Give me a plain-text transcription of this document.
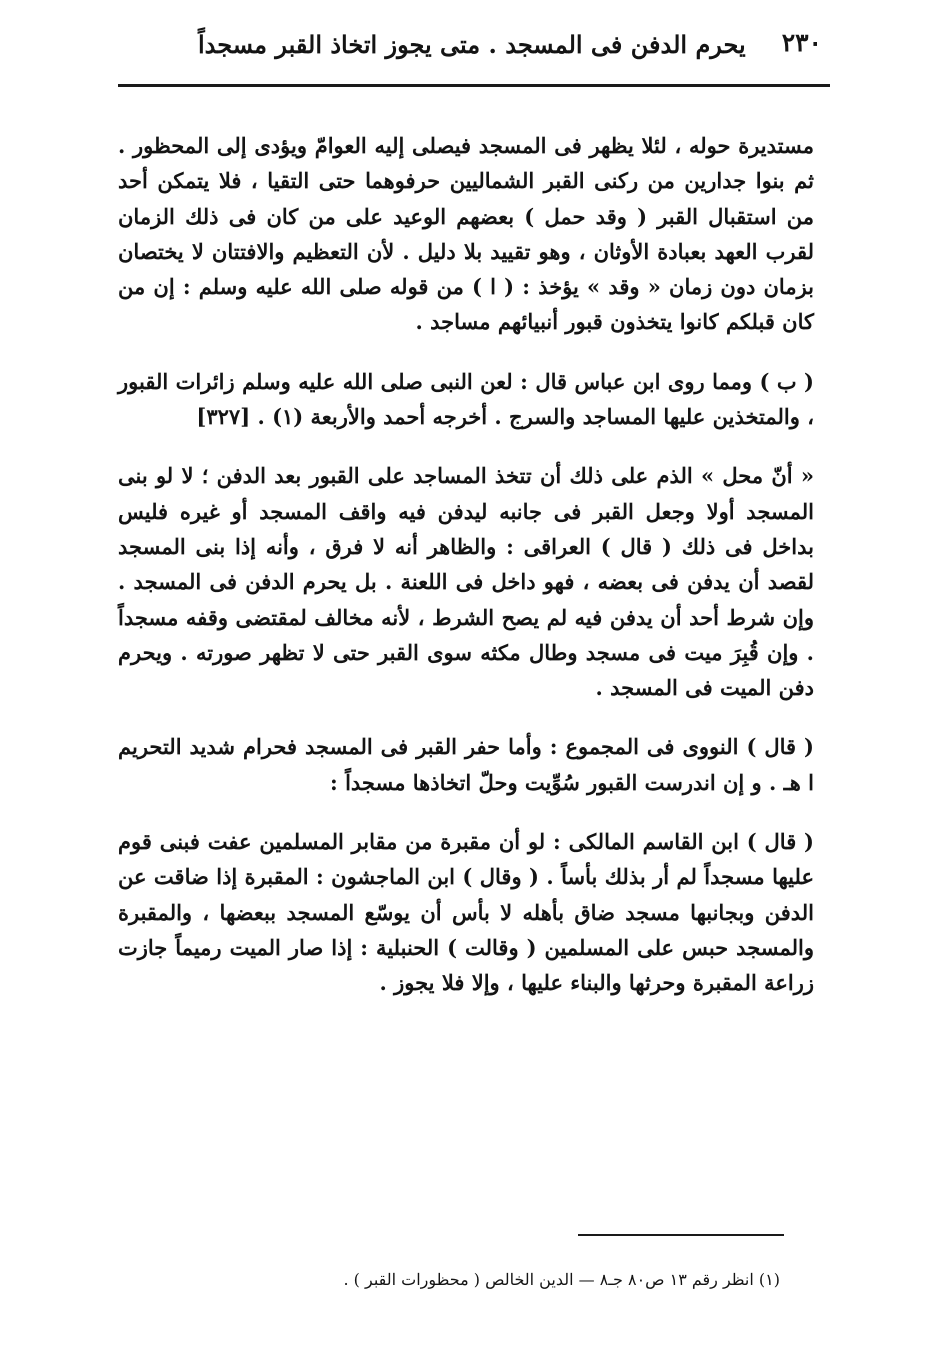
٢٣٠
يحرم الدفن فى المسجد . متى يجوز اتخاذ القبر مسجداً

مستديرة حوله ، لئلا يظهر فى المسجد فيصلى إليه العوامّ ويؤدى إلى المحظور . ثم بنوا جدارين من ركنى القبر الشماليين حرفوهما حتى التقيا ، فلا يتمكن أحد من استقبال القبر ( وقد حمل ) بعضهم الوعيد على من كان فى ذلك الزمان لقرب العهد بعبادة الأوثان ، وهو تقييد بلا دليل . لأن التعظيم والافتتان لا يختصان بزمان دون زمان « وقد » يؤخذ : ( ا ) من قوله صلى الله عليه وسلم : إن من كان قبلكم كانوا يتخذون قبور أنبيائهم مساجد .

( ب ) ومما روى ابن عباس قال : لعن النبى صلى الله عليه وسلم زائرات القبور ، والمتخذين عليها المساجد والسرج . أخرجه أحمد والأربعة (١) . [٣٢٧]

« أنّ محل » الذم على ذلك أن تتخذ المساجد على القبور بعد الدفن ؛ لا لو بنى المسجد أولا وجعل القبر فى جانبه ليدفن فيه واقف المسجد أو غيره فليس بداخل فى ذلك ( قال ) العراقى : والظاهر أنه لا فرق ، وأنه إذا بنى المسجد لقصد أن يدفن فى بعضه ، فهو داخل فى اللعنة . بل يحرم الدفن فى المسجد . وإن شرط أحد أن يدفن فيه لم يصح الشرط ، لأنه مخالف لمقتضى وقفه مسجداً . وإن قُبِرَ ميت فى مسجد وطال مكثه سوى القبر حتى لا تظهر صورته . ويحرم دفن الميت فى المسجد .

( قال ) النووى فى المجموع : وأما حفر القبر فى المسجد فحرام شديد التحريم ا هـ . و إن اندرست القبور سُوِّيت وحلّ اتخاذها مسجداً :

( قال ) ابن القاسم المالكى : لو أن مقبرة من مقابر المسلمين عفت فبنى قوم عليها مسجداً لم أر بذلك بأساً . ( وقال ) ابن الماجشون : المقبرة إذا ضاقت عن الدفن وبجانبها مسجد ضاق بأهله لا بأس أن يوسّع المسجد ببعضها ، والمقبرة والمسجد حبس على المسلمين ( وقالت ) الحنبلية : إذا صار الميت رميماً جازت زراعة المقبرة وحرثها والبناء عليها ، وإلا فلا يجوز .

(١) انظر رقم ١٣ ص٨٠ جـ٨ — الدين الخالص ( محظورات القبر ) .
